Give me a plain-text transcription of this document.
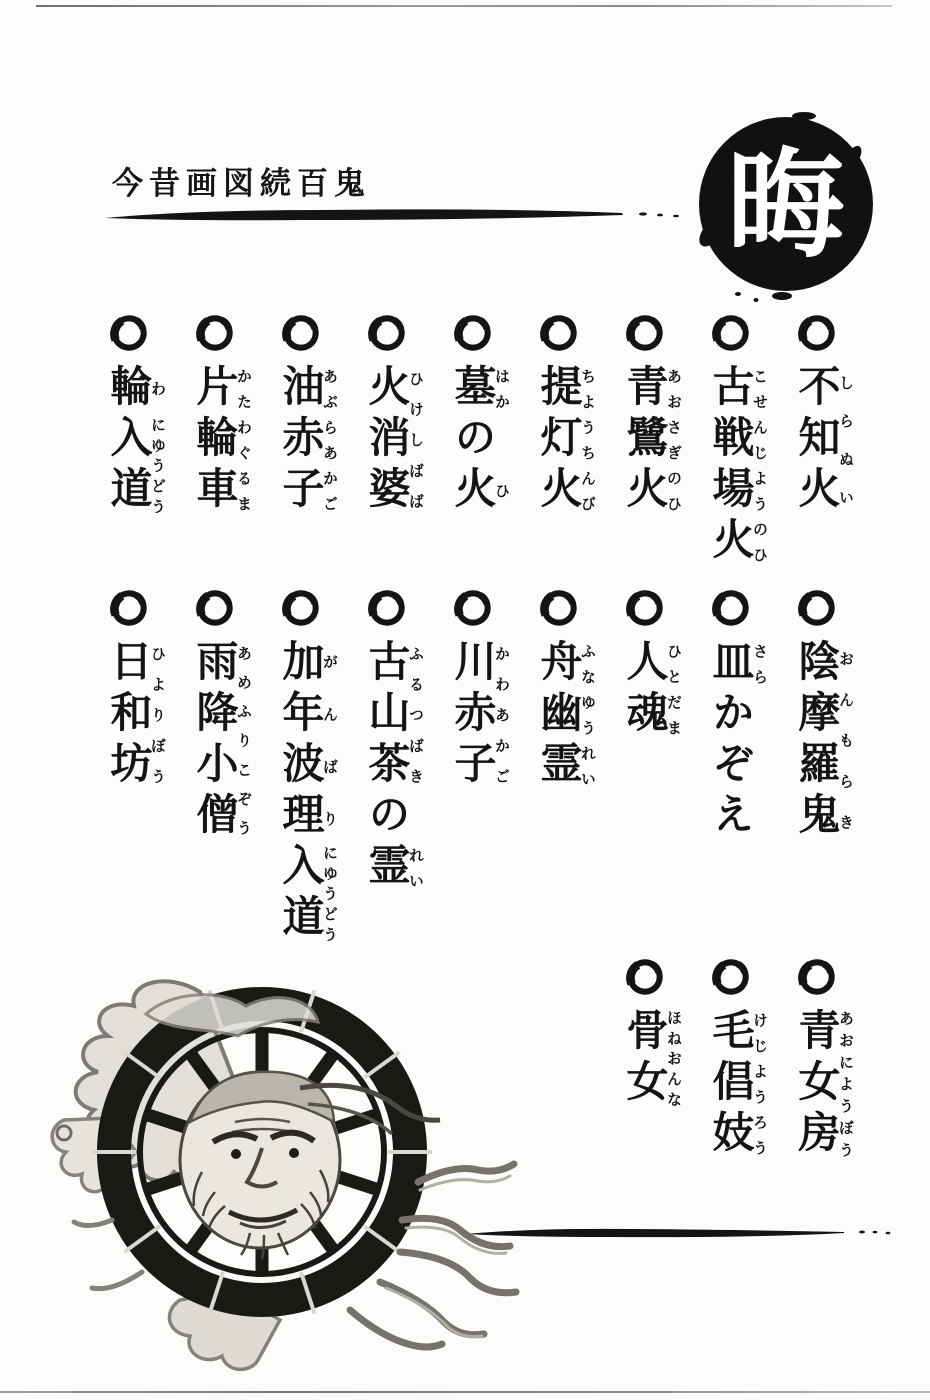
今昔画図続百鬼	晦
不知火しらぬい古戦場火こせんじようのひ青鷺火あおさぎのひ提灯火ちようちんび墓はかの火ひ火消婆ひけしばば油赤子あぶらあかご片輪車かたわぐるま輪わ入道にゆうどう
陰摩羅鬼おんもらき皿さらかぞえ人魂ひとだま舟幽霊ふなゆうれい川赤子かわあかご古山茶ふるつばきの霊れい加年波理がんばり入道にゆうどう雨降小僧あめふりこぞう日和坊ひよりぼう
青女房あおにようぼう毛倡妓けじようろう骨女ほねおんな
